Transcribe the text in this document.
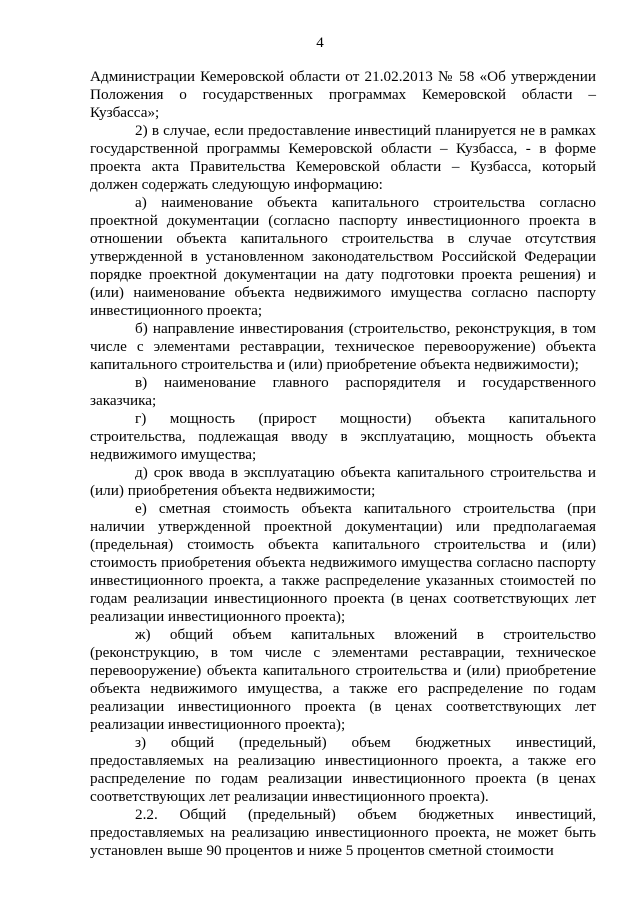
4

Администрации Кемеровской области от 21.02.2013 № 58 «Об утверждении Положения о государственных программах Кемеровской области – Кузбасса»;

2) в случае, если предоставление инвестиций планируется не в рамках государственной программы Кемеровской области – Кузбасса, - в форме проекта акта Правительства Кемеровской области – Кузбасса, который должен содержать следующую информацию:

а) наименование объекта капитального строительства согласно проектной документации (согласно паспорту инвестиционного проекта в отношении объекта капитального строительства в случае отсутствия утвержденной в установленном законодательством Российской Федерации порядке проектной документации на дату подготовки проекта решения) и (или) наименование объекта недвижимого имущества согласно паспорту инвестиционного проекта;

б) направление инвестирования (строительство, реконструкция, в том числе с элементами реставрации, техническое перевооружение) объекта капитального строительства и (или) приобретение объекта недвижимости);

в) наименование главного распорядителя и государственного заказчика;

г) мощность (прирост мощности) объекта капитального строительства, подлежащая вводу в эксплуатацию, мощность объекта недвижимого имущества;

д) срок ввода в эксплуатацию объекта капитального строительства и (или) приобретения объекта недвижимости;

е) сметная стоимость объекта капитального строительства (при наличии утвержденной проектной документации) или предполагаемая (предельная) стоимость объекта капитального строительства и (или) стоимость приобретения объекта недвижимого имущества согласно паспорту инвестиционного проекта, а также распределение указанных стоимостей по годам реализации инвестиционного проекта (в ценах соответствующих лет реализации инвестиционного проекта);

ж) общий объем капитальных вложений в строительство (реконструкцию, в том числе с элементами реставрации, техническое перевооружение) объекта капитального строительства и (или) приобретение объекта недвижимого имущества, а также его распределение по годам реализации инвестиционного проекта (в ценах соответствующих лет реализации инвестиционного проекта);

з) общий (предельный) объем бюджетных инвестиций, предоставляемых на реализацию инвестиционного проекта, а также его распределение по годам реализации инвестиционного проекта (в ценах соответствующих лет реализации инвестиционного проекта).

2.2. Общий (предельный) объем бюджетных инвестиций, предоставляемых на реализацию инвестиционного проекта, не может быть установлен выше 90 процентов и ниже 5 процентов сметной стоимости
